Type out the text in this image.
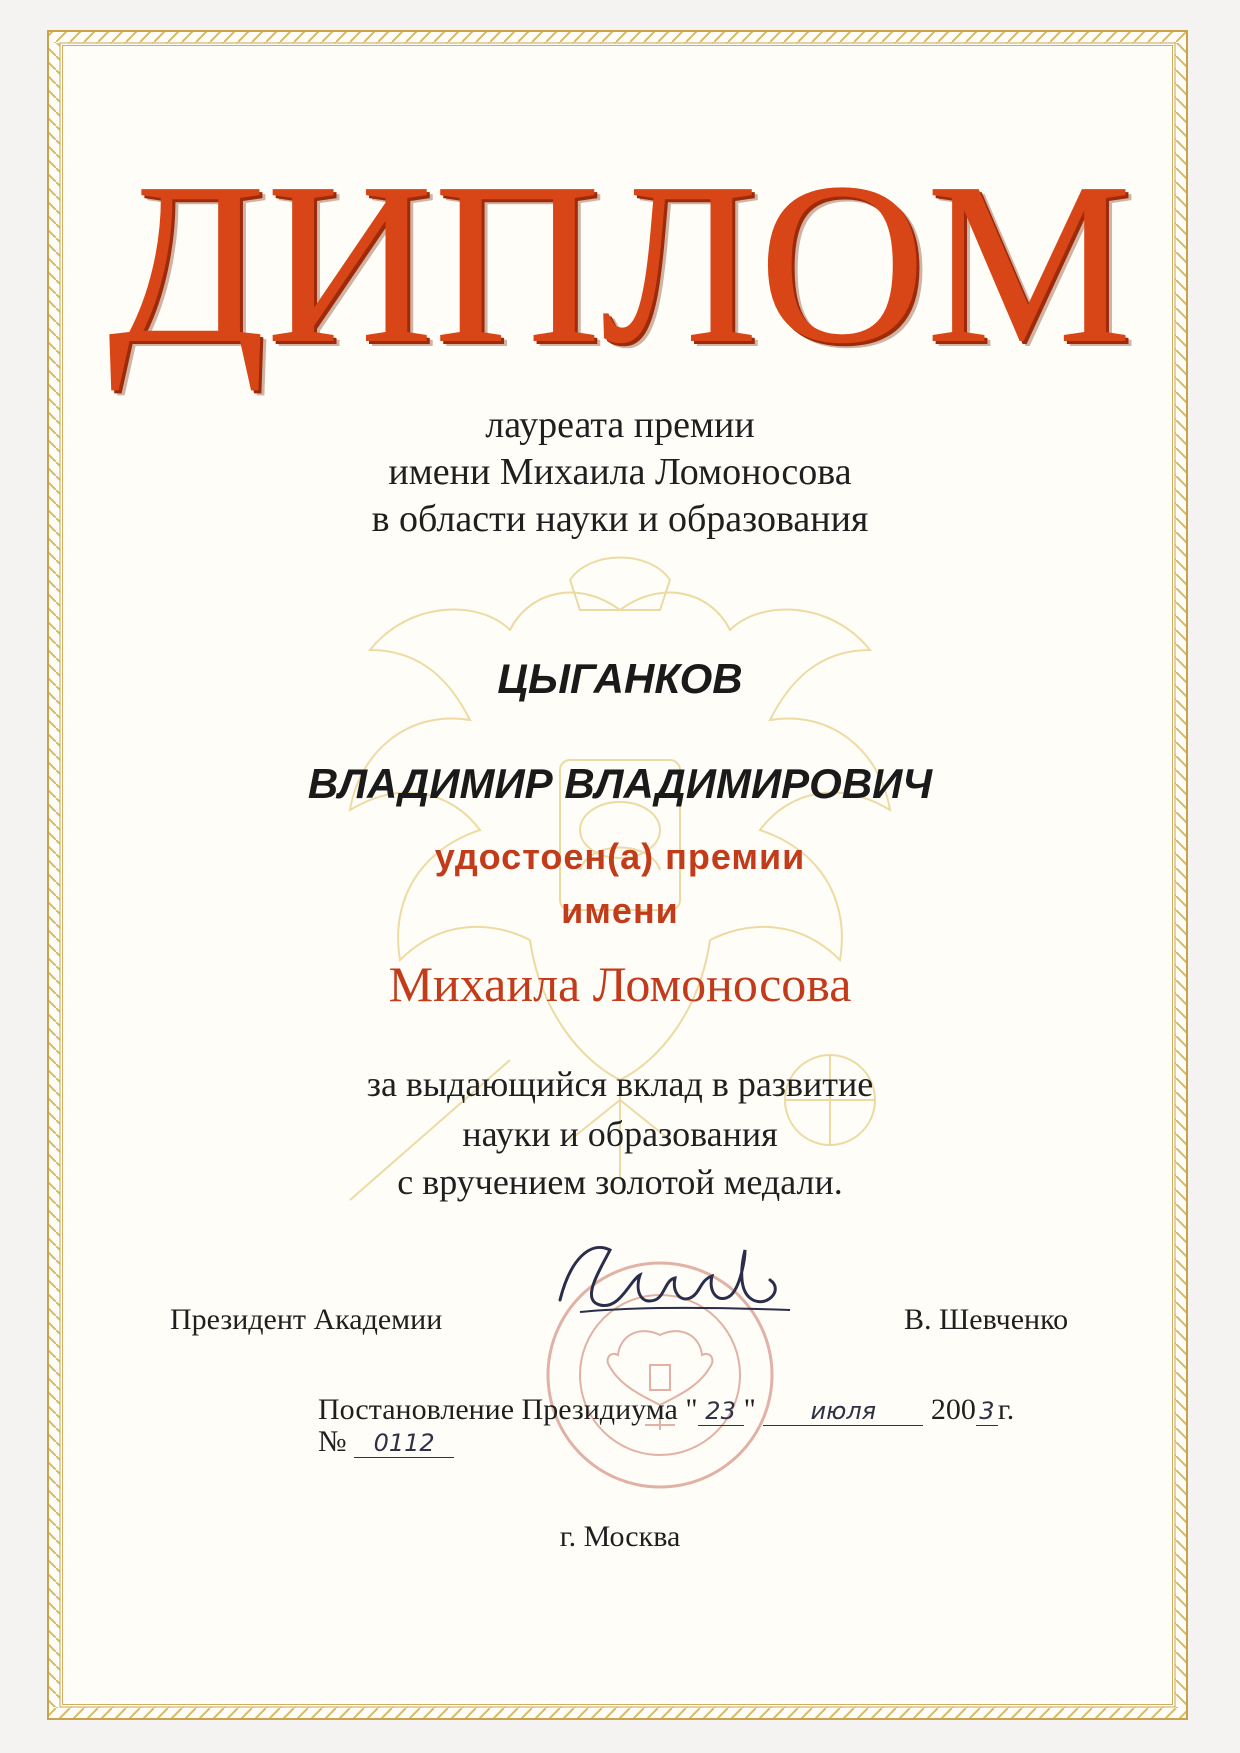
ДИПЛОМ
лауреата премии
имени Михаила Ломоносова
в области науки и образования
ЦЫГАНКОВ
ВЛАДИМИР ВЛАДИМИРОВИЧ
удостоен(а) премии
имени
Михаила Ломоносова
за выдающийся вклад в развитие
науки и образования
с вручением золотой медали.
Президент Академии	В. Шевченко
Постановление Президиума " 23 " июля 200 3 г.
№ 0112
г. Москва
